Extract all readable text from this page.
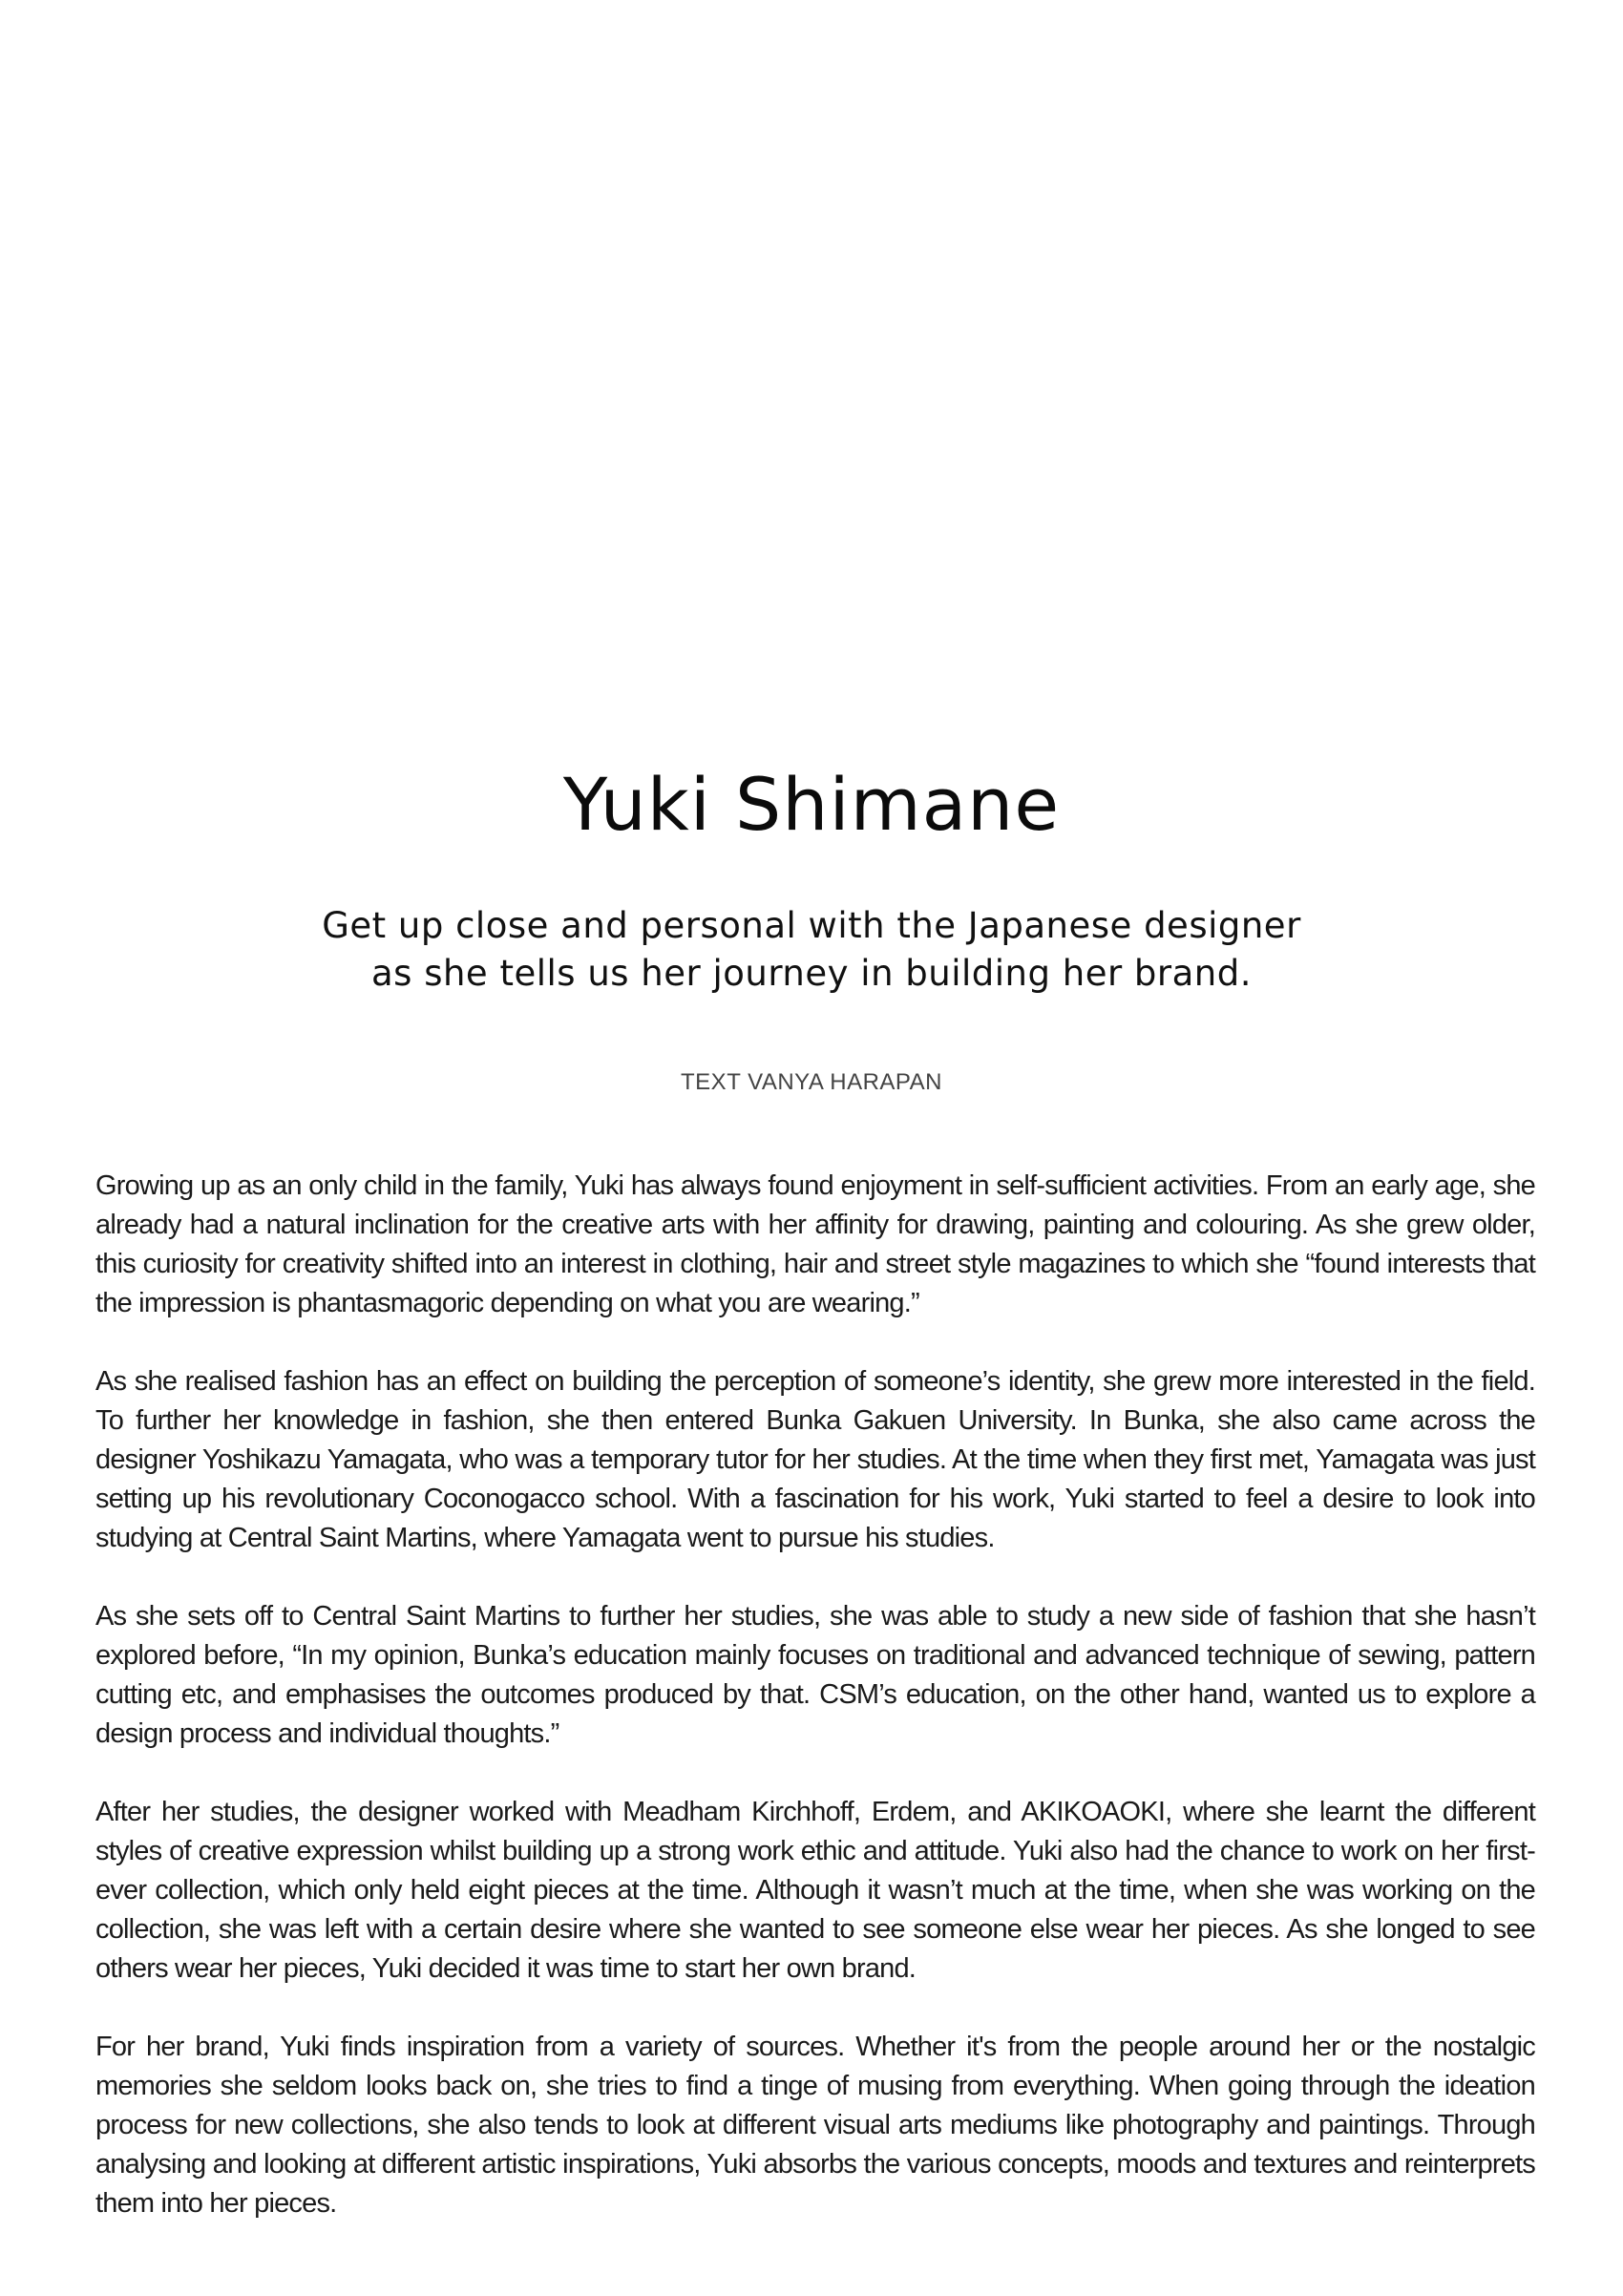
Yuki Shimane
Get up close and personal with the Japanese designer
as she tells us her journey in building her brand.
TEXT VANYA HARAPAN

Growing up as an only child in the family, Yuki has always found enjoyment in self-sufficient activities. From an early age, she already had a natural inclination for the creative arts with her affinity for drawing, painting and colouring. As she grew older, this curiosity for creativity shifted into an interest in clothing, hair and street style magazines to which she “found interests that the impression is phantasmagoric depending on what you are wearing.”

As she realised fashion has an effect on building the perception of someone’s identity, she grew more interested in the field. To further her knowledge in fashion, she then entered Bunka Gakuen University. In Bunka, she also came across the designer Yoshikazu Yamagata, who was a temporary tutor for her studies. At the time when they first met, Yamagata was just setting up his revolutionary Coconogacco school. With a fascination for his work, Yuki started to feel a desire to look into studying at Central Saint Martins, where Yamagata went to pursue his studies.

As she sets off to Central Saint Martins to further her studies, she was able to study a new side of fashion that she hasn’t explored before, “In my opinion, Bunka’s education mainly focuses on traditional and advanced technique of sewing, pattern cutting etc, and emphasises the outcomes produced by that. CSM’s education, on the other hand, wanted us to explore a design process and individual thoughts.”

After her studies, the designer worked with Meadham Kirchhoff, Erdem, and AKIKOAOKI, where she learnt the different styles of creative expression whilst building up a strong work ethic and attitude. Yuki also had the chance to work on her first-ever collection, which only held eight pieces at the time. Although it wasn’t much at the time, when she was working on the collection, she was left with a certain desire where she wanted to see someone else wear her pieces. As she longed to see others wear her pieces, Yuki decided it was time to start her own brand.

For her brand, Yuki finds inspiration from a variety of sources. Whether it's from the people around her or the nostalgic memories she seldom looks back on, she tries to find a tinge of musing from everything. When going through the ideation process for new collections, she also tends to look at different visual arts mediums like photography and paintings. Through analysing and looking at different artistic inspirations, Yuki absorbs the various concepts, moods and textures and reinterprets them into her pieces.
